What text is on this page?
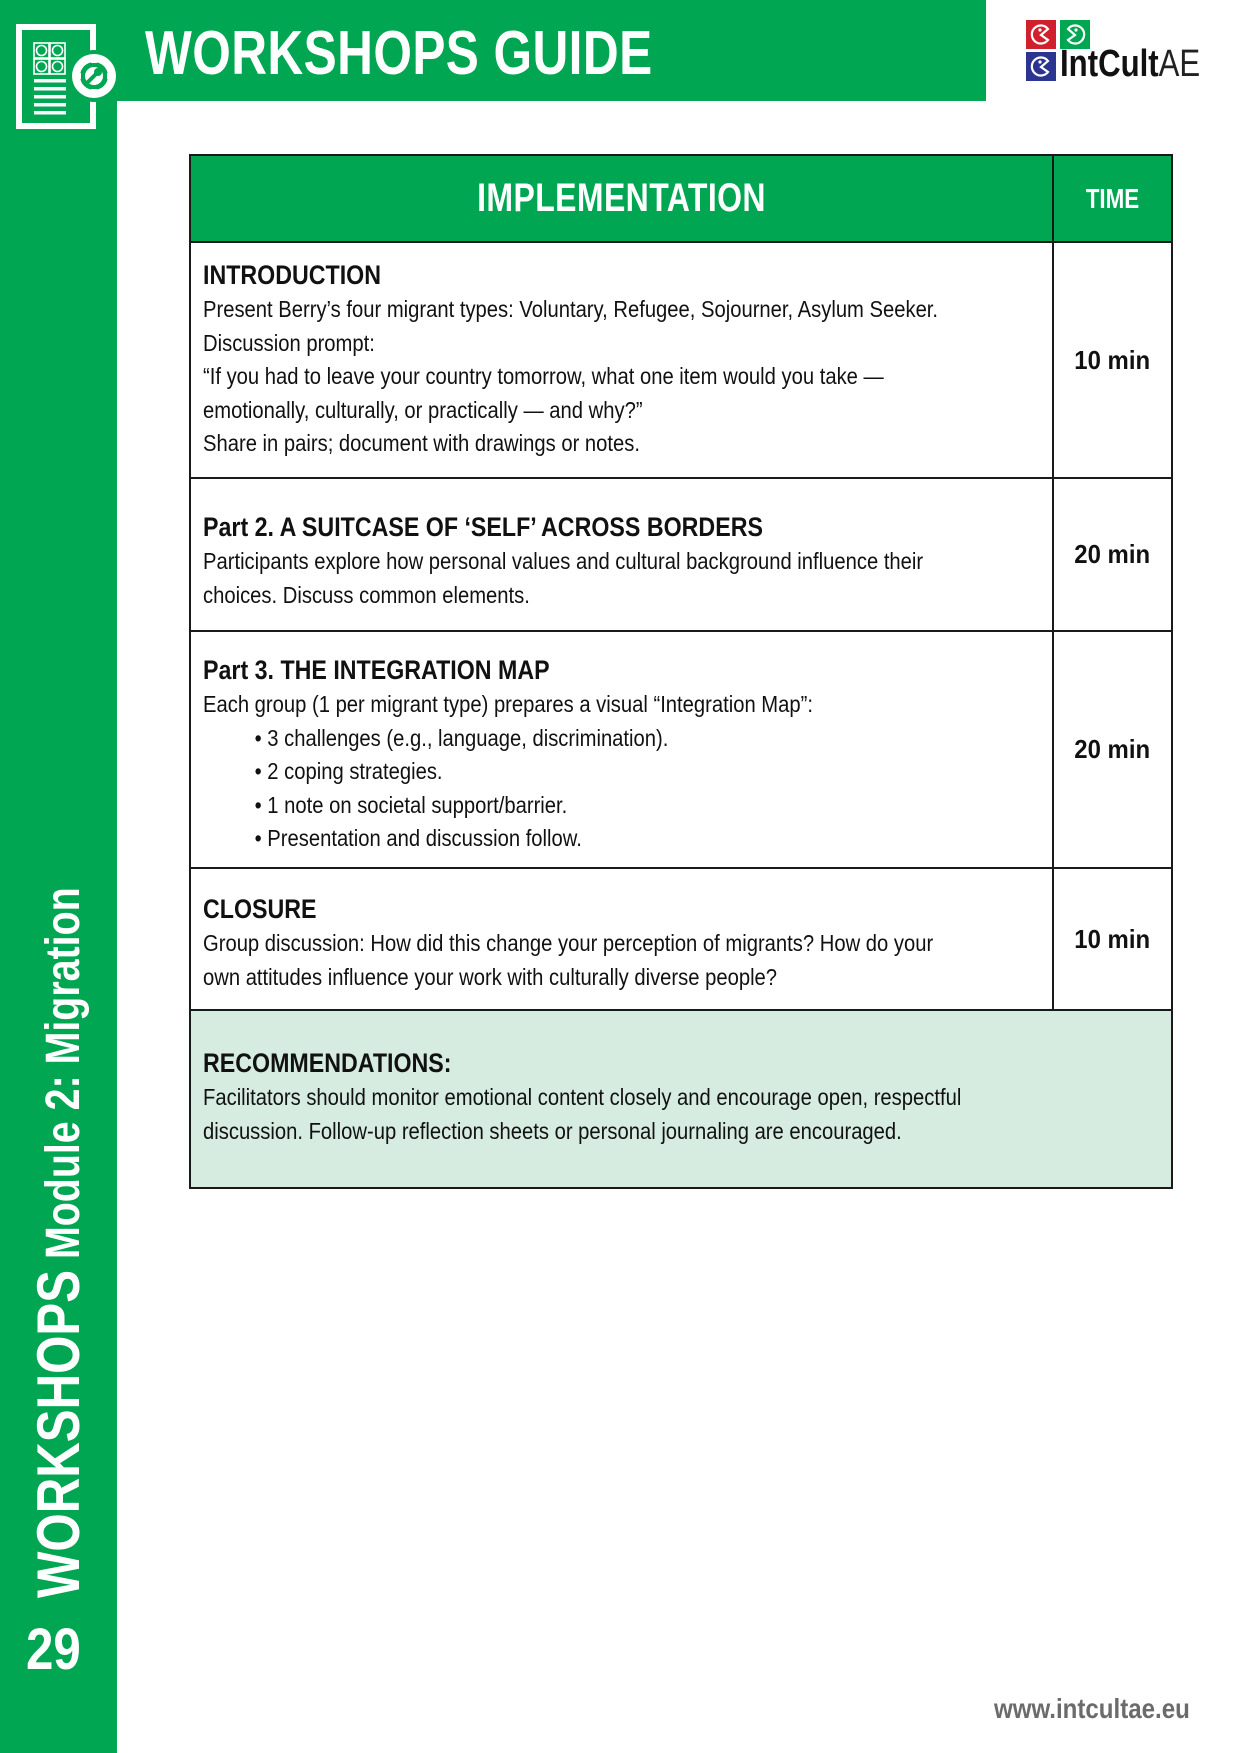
WORKSHOPS GUIDE	IntCultAE
IMPLEMENTATION	TIME

INTRODUCTION
Present Berry’s four migrant types: Voluntary, Refugee, Sojourner, Asylum Seeker.
Discussion prompt:
“If you had to leave your country tomorrow, what one item would you take —
emotionally, culturally, or practically — and why?”
Share in pairs; document with drawings or notes.
	10 min

Part 2. A SUITCASE OF ‘SELF’ ACROSS BORDERS
Participants explore how personal values and cultural background influence their
choices. Discuss common elements.	20 min

Part 3. THE INTEGRATION MAP
Each group (1 per migrant type) prepares a visual “Integration Map”:
• 3 challenges (e.g., language, discrimination).
• 2 coping strategies.
• 1 note on societal support/barrier.
• Presentation and discussion follow.
	20 min

CLOSURE
Group discussion: How did this change your perception of migrants? How do your
own attitudes influence your work with culturally diverse people?	10 min

RECOMMENDATIONS:
Facilitators should monitor emotional content closely and encourage open, respectful
discussion. Follow-up reflection sheets or personal journaling are encouraged.	
WORKSHOPS Module 2: Migration
29
www.intcultae.eu
